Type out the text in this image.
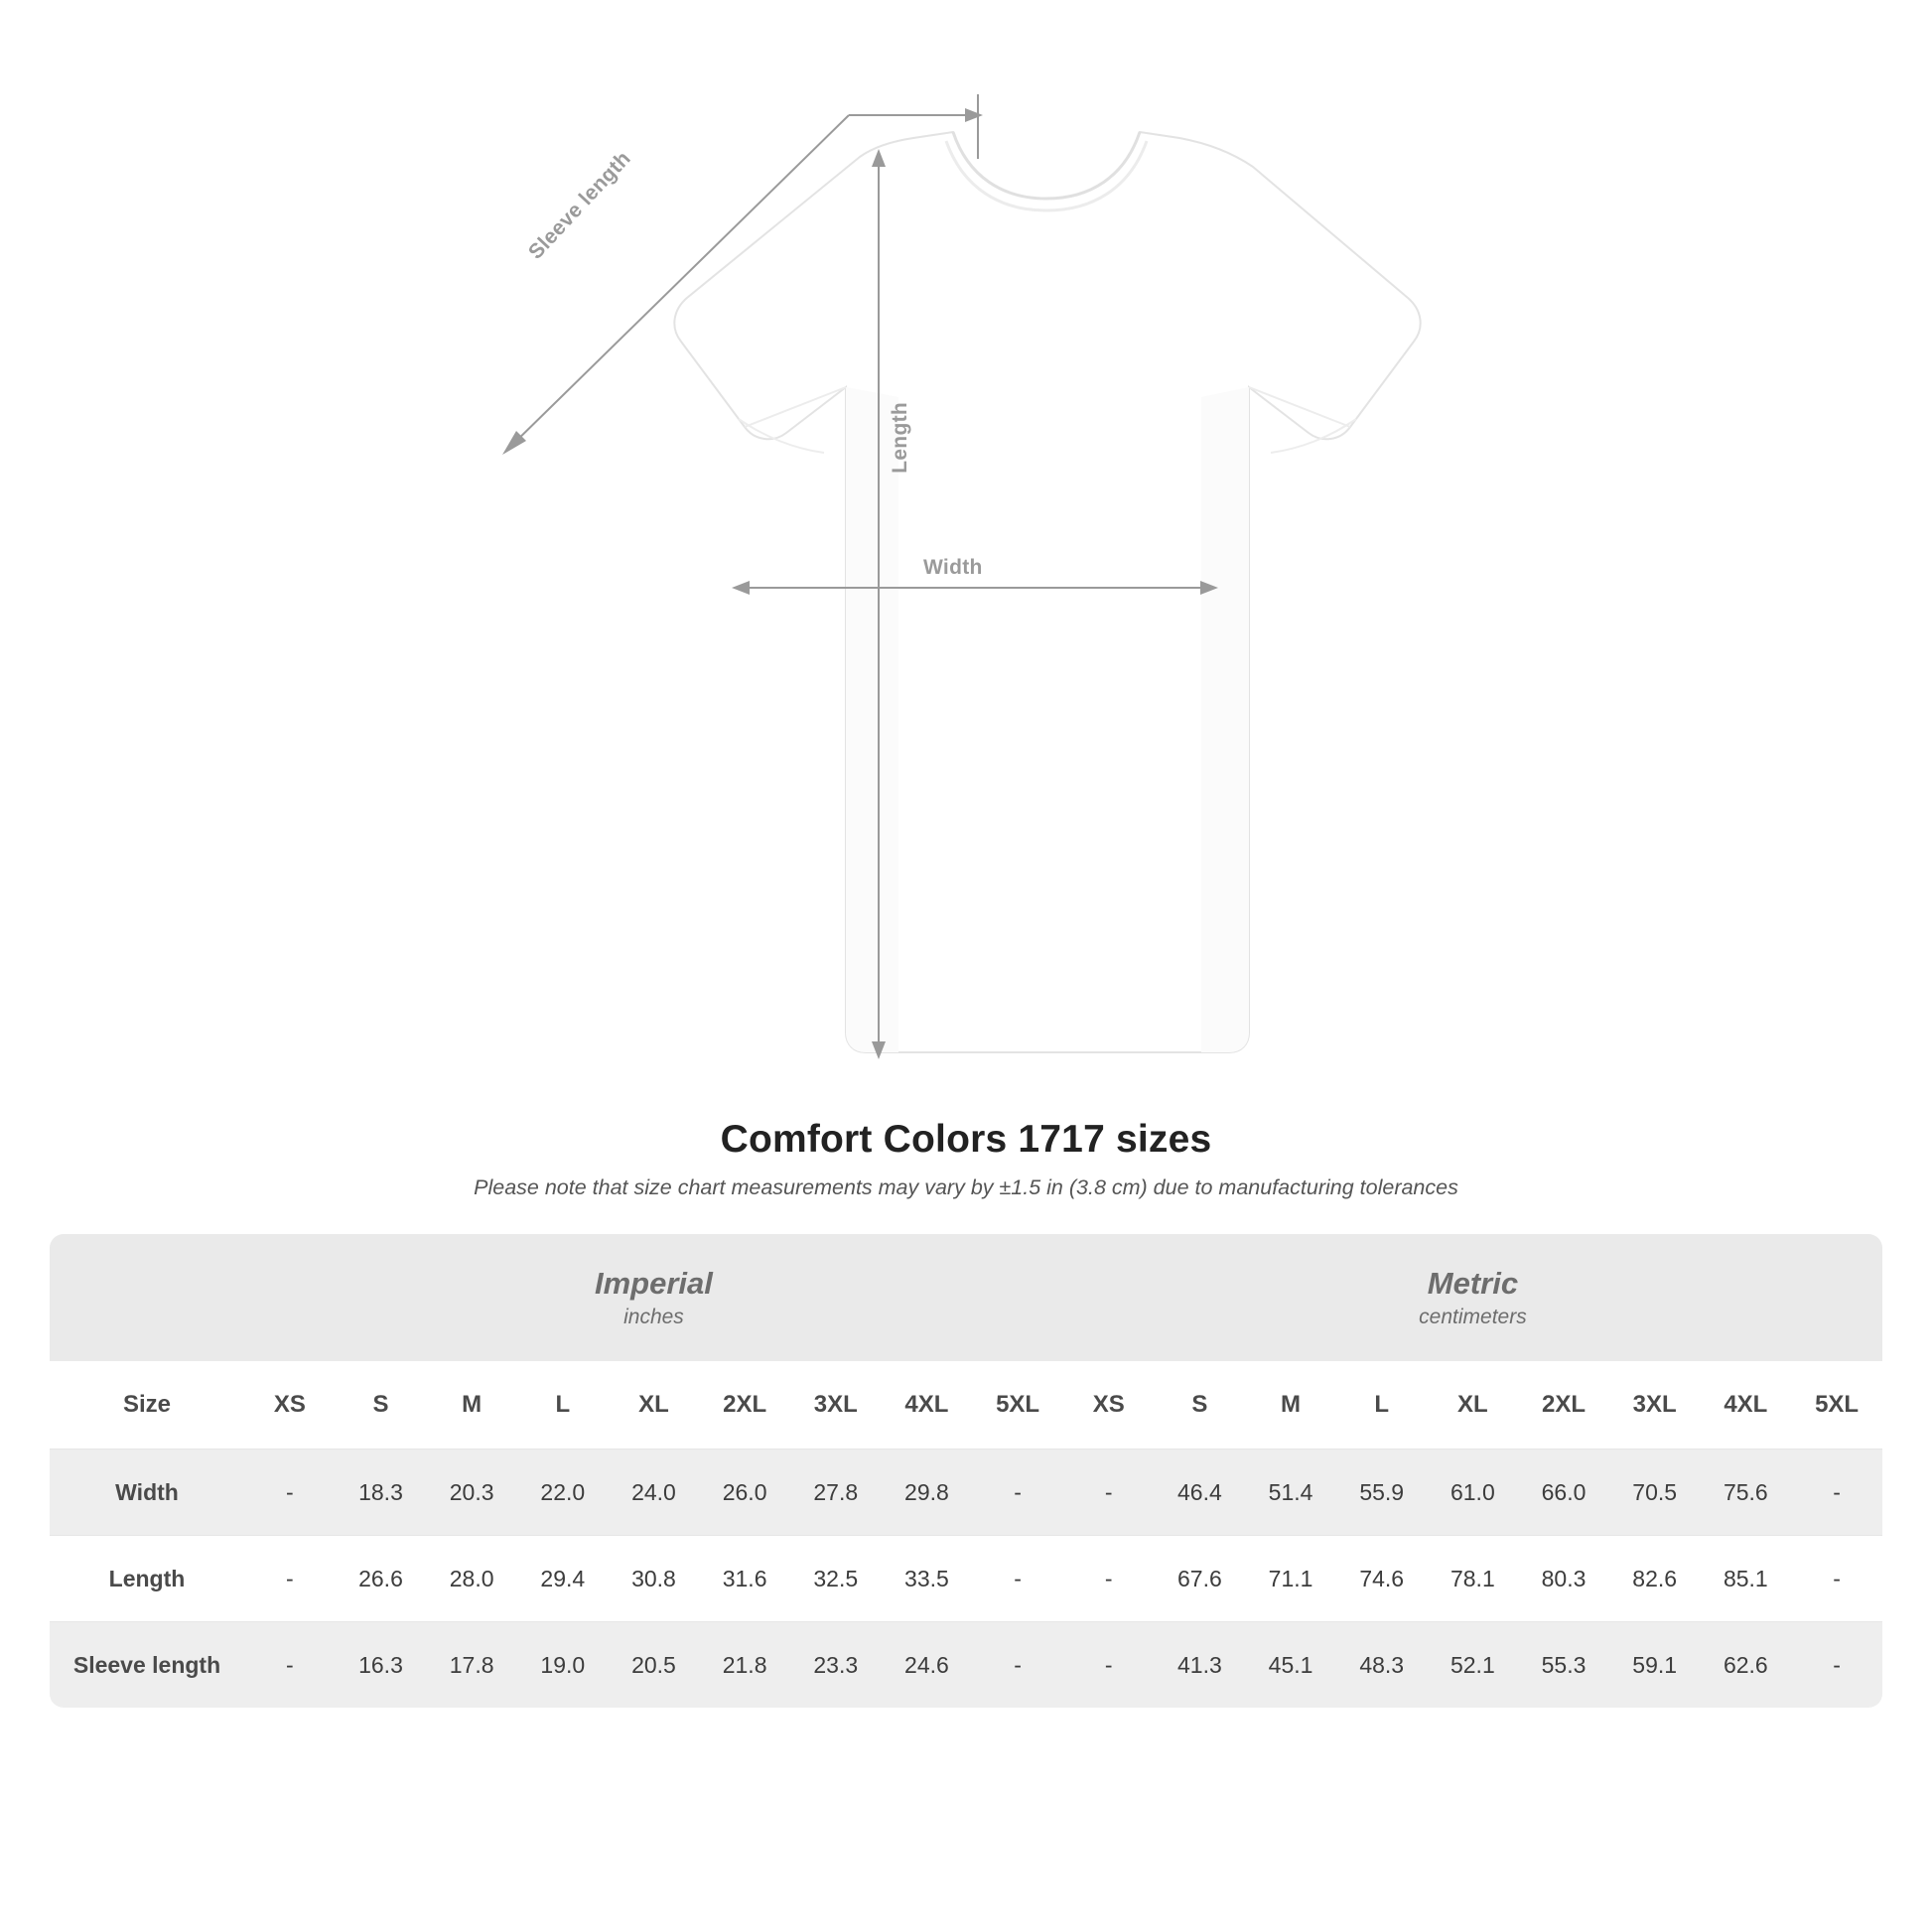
Sleeve length
Length
Width
Comfort Colors 1717 sizes
Please note that size chart measurements may vary by ±1.5 in (3.8 cm) due to manufacturing tolerances

Imperial
inches

Metric
centimeters

Size	XS	S	M	L	XL	2XL	3XL	4XL	5XL	XS	S	M	L	XL	2XL	3XL	4XL	5XL
Width	-	18.3	20.3	22.0	24.0	26.0	27.8	29.8	-	-	46.4	51.4	55.9	61.0	66.0	70.5	75.6	-
Length	-	26.6	28.0	29.4	30.8	31.6	32.5	33.5	-	-	67.6	71.1	74.6	78.1	80.3	82.6	85.1	-
Sleeve length	-	16.3	17.8	19.0	20.5	21.8	23.3	24.6	-	-	41.3	45.1	48.3	52.1	55.3	59.1	62.6	-
